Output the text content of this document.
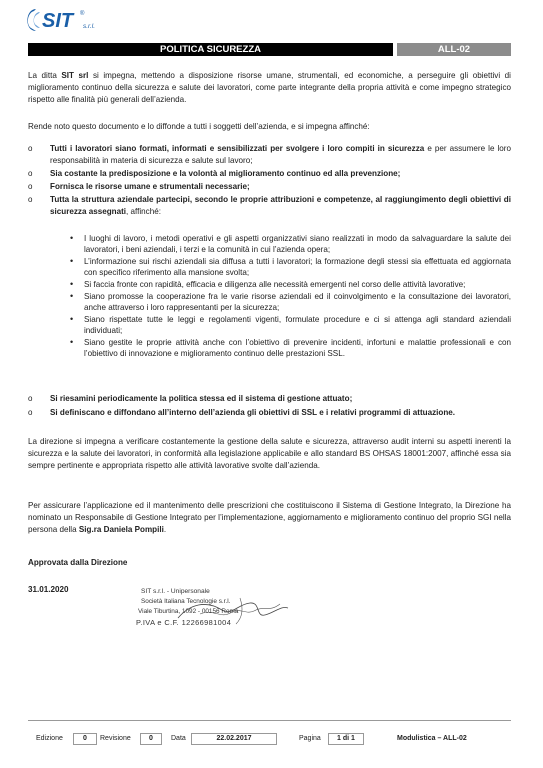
SIT ®
s.r.l.
POLITICA SICUREZZA	ALL-02
La ditta SIT srl si impegna, mettendo a disposizione risorse umane, strumentali, ed economiche, a perseguire gli obiettivi di miglioramento continuo della sicurezza e salute dei lavoratori, come parte integrante della propria attività e come impegno strategico rispetto alle finalità più generali dell’azienda.
Rende noto questo documento e lo diffonde a tutti i soggetti dell’azienda, e si impegna affinché:
o Tutti i lavoratori siano formati, informati e sensibilizzati per svolgere i loro compiti in sicurezza e per assumere le loro responsabilità in materia di sicurezza e salute sul lavoro;
o Sia costante la predisposizione e la volontà al miglioramento continuo ed alla prevenzione;
o Fornisca le risorse umane e strumentali necessarie;
o Tutta la struttura aziendale partecipi, secondo le proprie attribuzioni e competenze, al raggiungimento degli obiettivi di sicurezza assegnati, affinché:
• I luoghi di lavoro, i metodi operativi e gli aspetti organizzativi siano realizzati in modo da salvaguardare la salute dei lavoratori, i beni aziendali, i terzi e la comunità in cui l’azienda opera;
• L’informazione sui rischi aziendali sia diffusa a tutti i lavoratori; la formazione degli stessi sia effettuata ed aggiornata con specifico riferimento alla mansione svolta;
• Si faccia fronte con rapidità, efficacia e diligenza alle necessità emergenti nel corso delle attività lavorative;
• Siano promosse la cooperazione fra le varie risorse aziendali ed il coinvolgimento e la consultazione dei lavoratori, anche attraverso i loro rappresentanti per la sicurezza;
• Siano rispettate tutte le leggi e regolamenti vigenti, formulate procedure e ci si attenga agli standard aziendali individuati;
• Siano gestite le proprie attività anche con l’obiettivo di prevenire incidenti, infortuni e malattie professionali e con l’obiettivo di innovazione e miglioramento continuo delle prestazioni SSL.
o Si riesamini periodicamente la politica stessa ed il sistema di gestione attuato;
o Si definiscano e diffondano all’interno dell’azienda gli obiettivi di SSL e i relativi programmi di attuazione.
La direzione si impegna a verificare costantemente la gestione della salute e sicurezza, attraverso audit interni su aspetti inerenti la sicurezza e la salute dei lavoratori, in conformità alla legislazione applicabile e allo standard BS OHSAS 18001:2007, affinché essa sia sempre pertinente e appropriata rispetto alle attività lavorative svolte dall’azienda.
Per assicurare l’applicazione ed il mantenimento delle prescrizioni che costituiscono il Sistema di Gestione Integrato, la Direzione ha nominato un Responsabile di Gestione Integrato per l’implementazione, aggiornamento e miglioramento continuo del proprio SGI nella persona della Sig.ra Daniela Pompili.
Approvata dalla Direzione
31.01.2020	SIT s.r.l. - Unipersonale
Società Italiana Tecnologie s.r.l.
Viale Tiburtina, 1092 - 00156 Roma
P.IVA e C.F. 12266981004
Edizione	0	Revisione	0	Data	22.02.2017	Pagina	1 di 1	Modulistica – ALL-02
